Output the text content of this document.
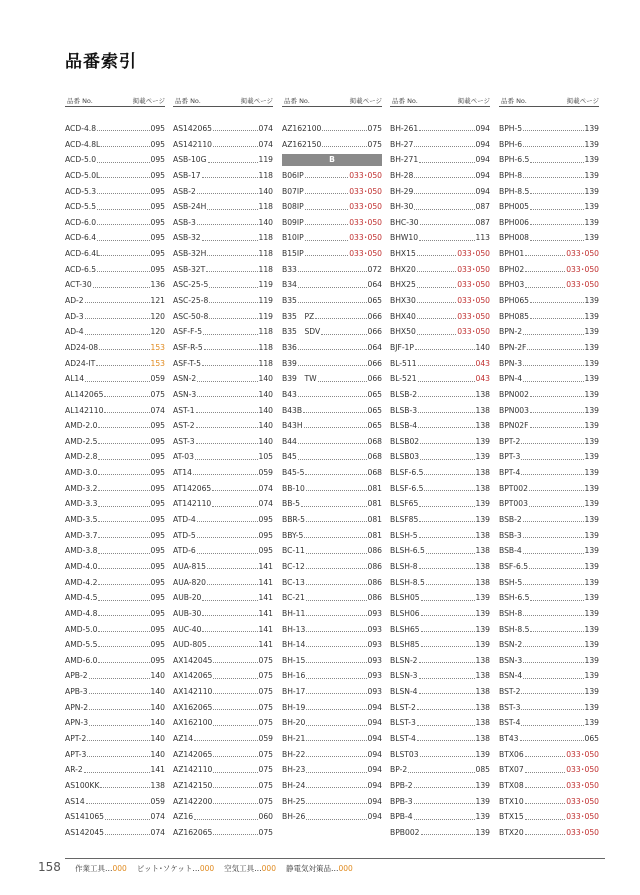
品番索引
品番 No.	掲載ページ
ACD-4.8	095
ACD-4.8L	095
ACD-5.0	095
ACD-5.0L	095
ACD-5.3	095
ACD-5.5	095
ACD-6.0	095
ACD-6.4	095
ACD-6.4L	095
ACD-6.5	095
ACT-30	136
AD-2	121
AD-3	120
AD-4	120
AD24-08	153
AD24-IT	153
AL14	059
AL142065	075
AL142110	074
AMD-2.0	095
AMD-2.5	095
AMD-2.8	095
AMD-3.0	095
AMD-3.2	095
AMD-3.3	095
AMD-3.5	095
AMD-3.7	095
AMD-3.8	095
AMD-4.0	095
AMD-4.2	095
AMD-4.5	095
AMD-4.8	095
AMD-5.0	095
AMD-5.5	095
AMD-6.0	095
APB-2	140
APB-3	140
APN-2	140
APN-3	140
APT-2	140
APT-3	140
AR-2	141
AS100KK	138
AS14	059
AS141065	074
AS142045	074
品番 No.	掲載ページ
AS142065	074
AS142110	074
ASB-10G	119
ASB-17	118
ASB-2	140
ASB-24H	118
ASB-3	140
ASB-32	118
ASB-32H	118
ASB-32T	118
ASC-25-5	119
ASC-25-8	119
ASC-50-8	119
ASF-F-5	118
ASF-R-5	118
ASF-T-5	118
ASN-2	140
ASN-3	140
AST-1	140
AST-2	140
AST-3	140
AT-03	105
AT14	059
AT142065	074
AT142110	074
ATD-4	095
ATD-5	095
ATD-6	095
AUA-815	141
AUA-820	141
AUB-20	141
AUB-30	141
AUC-40	141
AUD-805	141
AX142045	075
AX142065	075
AX142110	075
AX162065	075
AX162100	075
AZ14	059
AZ142065	075
AZ142110	075
AZ142150	075
AZ142200	075
AZ16	060
AZ162065	075
品番 No.	掲載ページ
AZ162100	075
AZ162150	075
B
B06IP	033･050
B07IP	033･050
B08IP	033･050
B09IP	033･050
B10IP	033･050
B15IP	033･050
B33	072
B34	064
B35	065
B35　PZ	066
B35　SDV	066
B36	064
B39	066
B39　TW	066
B43	065
B43B	065
B43H	065
B44	068
B45	068
B45-5	068
BB-10	081
BB-5	081
BBR-5	081
BBY-5	081
BC-11	086
BC-12	086
BC-13	086
BC-21	086
BH-11	093
BH-13	093
BH-14	093
BH-15	093
BH-16	093
BH-17	093
BH-19	094
BH-20	094
BH-21	094
BH-22	094
BH-23	094
BH-24	094
BH-25	094
BH-26	094
品番 No.	掲載ページ
BH-261	094
BH-27	094
BH-271	094
BH-28	094
BH-29	094
BH-30	087
BHC-30	087
BHW10	113
BHX15	033･050
BHX20	033･050
BHX25	033･050
BHX30	033･050
BHX40	033･050
BHX50	033･050
BJF-1P	140
BL-511	043
BL-521	043
BLSB-2	138
BLSB-3	138
BLSB-4	138
BLSB02	139
BLSB03	139
BLSF-6.5	138
BLSF-6.5	138
BLSF65	139
BLSF85	139
BLSH-5	138
BLSH-6.5	138
BLSH-8	138
BLSH-8.5	138
BLSH05	139
BLSH06	139
BLSH65	139
BLSH85	139
BLSN-2	138
BLSN-3	138
BLSN-4	138
BLST-2	138
BLST-3	138
BLST-4	138
BLST03	139
BP-2	085
BPB-2	139
BPB-3	139
BPB-4	139
BPB002	139
品番 No.	掲載ページ
BPH-5	139
BPH-6	139
BPH-6.5	139
BPH-8	139
BPH-8.5	139
BPH005	139
BPH006	139
BPH008	139
BPH01	033･050
BPH02	033･050
BPH03	033･050
BPH065	139
BPH085	139
BPN-2	139
BPN-2F	139
BPN-3	139
BPN-4	139
BPN002	139
BPN003	139
BPN02F	139
BPT-2	139
BPT-3	139
BPT-4	139
BPT002	139
BPT003	139
BSB-2	139
BSB-3	139
BSB-4	139
BSF-6.5	139
BSH-5	139
BSH-6.5	139
BSH-8	139
BSH-8.5	139
BSN-2	139
BSN-3	139
BSN-4	139
BST-2	139
BST-3	139
BST-4	139
BT43	065
BTX06	033･050
BTX07	033･050
BTX08	033･050
BTX10	033･050
BTX15	033･050
BTX20	033･050
158 作業工具…000 ビット･ソケット…000 空気工具…000 静電気対策品…000
